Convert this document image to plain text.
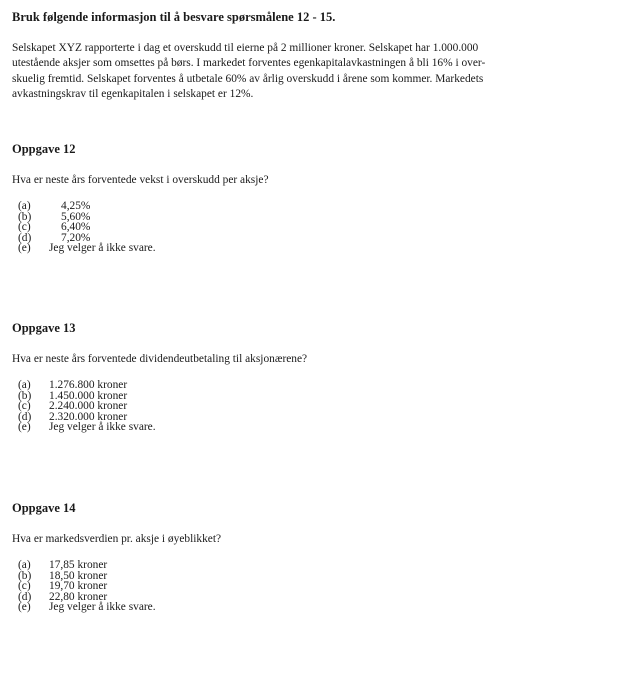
Bruk følgende informasjon til å besvare spørsmålene 12 - 15.
Selskapet XYZ rapporterte i dag et overskudd til eierne på 2 millioner kroner. Selskapet har 1.000.000
utestående aksjer som omsettes på børs. I markedet forventes egenkapitalavkastningen å bli 16% i over-
skuelig fremtid. Selskapet forventes å utbetale 60% av årlig overskudd i årene som kommer. Markedets
avkastningskrav til egenkapitalen i selskapet er 12%.
Oppgave 12
Hva er neste års forventede vekst i overskudd per aksje?
(a)	4,25%
(b)	5,60%
(c)	6,40%
(d)	7,20%
(e) Jeg velger å ikke svare.
Oppgave 13
Hva er neste års forventede dividendeutbetaling til aksjonærene?
(a) 1.276.800 kroner
(b) 1.450.000 kroner
(c) 2.240.000 kroner
(d) 2.320.000 kroner
(e) Jeg velger å ikke svare.
Oppgave 14
Hva er markedsverdien pr. aksje i øyeblikket?
(a) 17,85 kroner
(b) 18,50 kroner
(c) 19,70 kroner
(d) 22,80 kroner
(e) Jeg velger å ikke svare.
